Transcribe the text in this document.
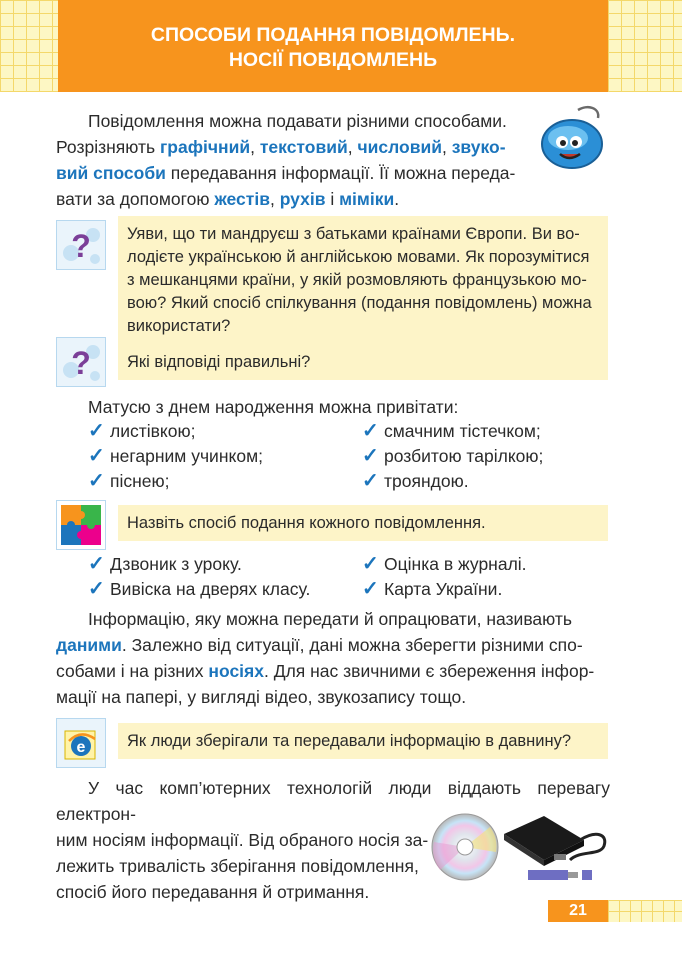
СПОСОБИ ПОДАННЯ ПОВІДОМЛЕНЬ.
НОСІЇ ПОВІДОМЛЕНЬ
Повідомлення можна подавати різними способами.
Розрізняють графічний, текстовий, числовий, звуко-
вий способи передавання інформації. Її можна переда-
вати за допомогою жестів, рухів і міміки.
? Уяви, що ти мандруєш з батьками країнами Європи. Ви во-
лодієте українською й англійською мовами. Як порозумітися
з мешканцями країни, у якій розмовляють французькою мо-
вою? Який спосіб спілкування (подання повідомлень) можна
використати?
? Які відповіді правильні?
Матусю з днем народження можна привітати:
✓ листівкою;
✓ негарним учинком;
✓ піснею;
✓ смачним тістечком;
✓ розбитою тарілкою;
✓ трояндою.
Назвіть спосіб подання кожного повідомлення.
✓ Дзвоник з уроку.
✓ Вивіска на дверях класу.
✓ Оцінка в журналі.
✓ Карта України.
Інформацію, яку можна передати й опрацювати, називають
даними. Залежно від ситуації, дані можна зберегти різними спо-
собами і на різних носіях. Для нас звичними є збереження інфор-
мації на папері, у вигляді відео, звукозапису тощо.
e	Як люди зберігали та передавали інформацію в давнину?
У час комп’ютерних технологій люди віддають перевагу електрон-
ним носіям інформації. Від обраного носія за-
лежить тривалість зберігання повідомлення,
спосіб його передавання й отримання.
21
